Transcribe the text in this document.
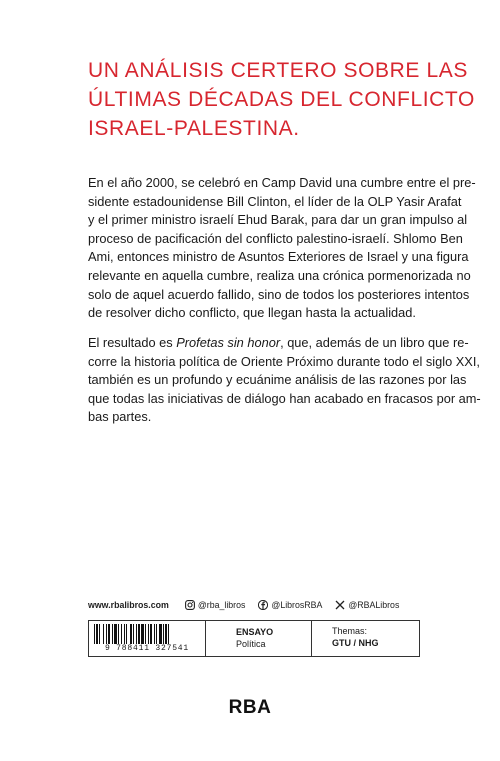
UN ANÁLISIS CERTERO SOBRE LAS
ÚLTIMAS DÉCADAS DEL CONFLICTO
ISRAEL-PALESTINA.
En el año 2000, se celebró en Camp David una cumbre entre el pre-
sidente estadounidense Bill Clinton, el líder de la OLP Yasir Arafat
y el primer ministro israelí Ehud Barak, para dar un gran impulso al
proceso de pacificación del conflicto palestino-israelí. Shlomo Ben
Ami, entonces ministro de Asuntos Exteriores de Israel y una figura
relevante en aquella cumbre, realiza una crónica pormenorizada no
solo de aquel acuerdo fallido, sino de todos los posteriores intentos
de resolver dicho conflicto, que llegan hasta la actualidad.
El resultado es Profetas sin honor, que, además de un libro que re-
corre la historia política de Oriente Próximo durante todo el siglo XXI,
también es un profundo y ecuánime análisis de las razones por las
que todas las iniciativas de diálogo han acabado en fracasos por am-
bas partes.
www.rbalibros.com	@rba_libros	@LibrosRBA	@RBALibros
9 788411 327541
ENSAYO
Política
Themas:
GTU / NHG
RBA
